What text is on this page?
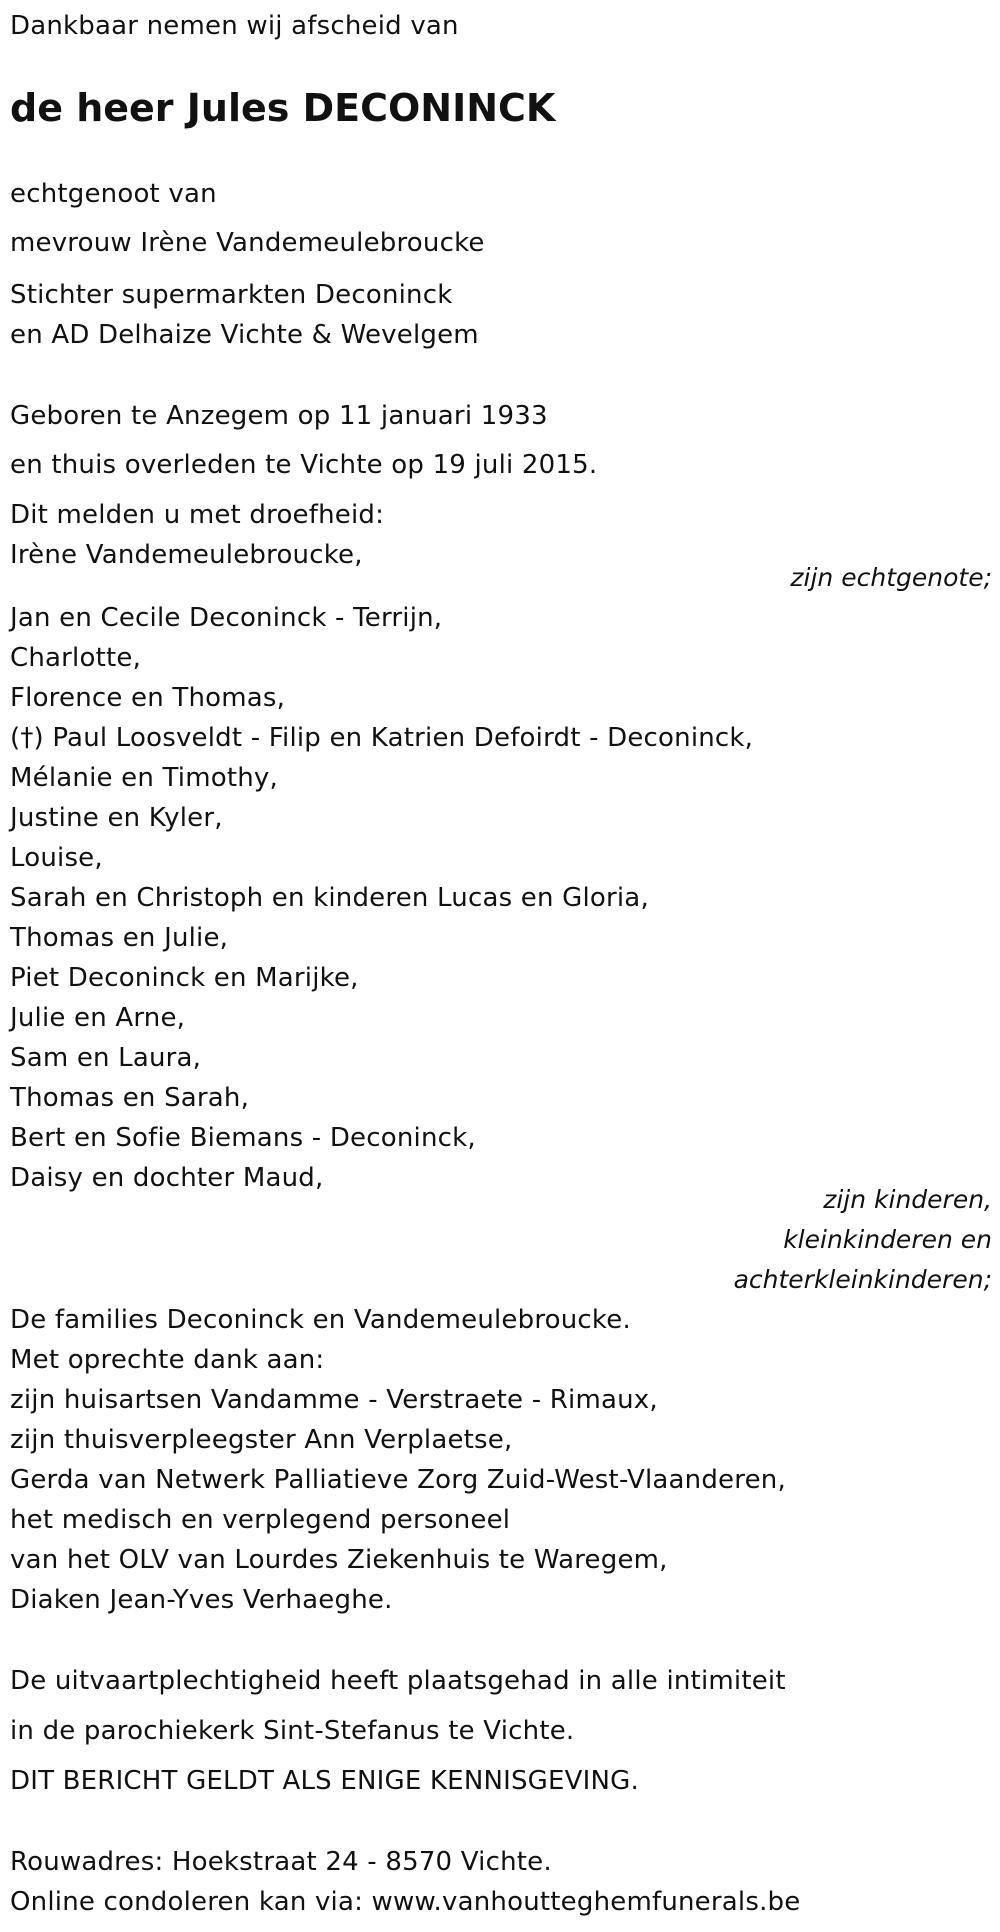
Dankbaar nemen wij afscheid van
de heer Jules DECONINCK
echtgenoot van
mevrouw Irène Vandemeulebroucke
Stichter supermarkten Deconinck
en AD Delhaize Vichte & Wevelgem
Geboren te Anzegem op 11 januari 1933
en thuis overleden te Vichte op 19 juli 2015.
Dit melden u met droefheid:
Irène Vandemeulebroucke,
zijn echtgenote;
Jan en Cecile Deconinck - Terrijn,
Charlotte,
Florence en Thomas,
(†) Paul Loosveldt - Filip en Katrien Defoirdt - Deconinck,
Mélanie en Timothy,
Justine en Kyler,
Louise,
Sarah en Christoph en kinderen Lucas en Gloria,
Thomas en Julie,
Piet Deconinck en Marijke,
Julie en Arne,
Sam en Laura,
Thomas en Sarah,
Bert en Sofie Biemans - Deconinck,
Daisy en dochter Maud,
zijn kinderen,
kleinkinderen en
achterkleinkinderen;
De families Deconinck en Vandemeulebroucke.
Met oprechte dank aan:
zijn huisartsen Vandamme - Verstraete - Rimaux,
zijn thuisverpleegster Ann Verplaetse,
Gerda van Netwerk Palliatieve Zorg Zuid-West-Vlaanderen,
het medisch en verplegend personeel
van het OLV van Lourdes Ziekenhuis te Waregem,
Diaken Jean-Yves Verhaeghe.
De uitvaartplechtigheid heeft plaatsgehad in alle intimiteit
in de parochiekerk Sint-Stefanus te Vichte.
DIT BERICHT GELDT ALS ENIGE KENNISGEVING.
Rouwadres: Hoekstraat 24 - 8570 Vichte.
Online condoleren kan via: www.vanhoutteghemfunerals.be
